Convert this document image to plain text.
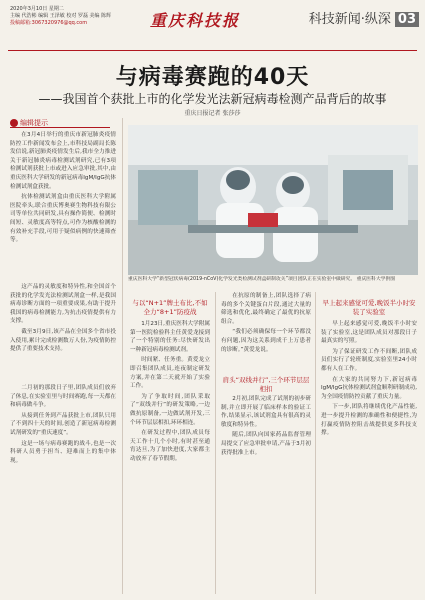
2020年3月10日 星期二
主编 代浩彬 编辑 王泽敏 校对 罗磊 美编 陈辉
投稿邮箱:3067320976@qq.com	重庆科技报	科技新闻·纵深 03
与病毒赛跑的40天
——我国首个获批上市的化学发光法新冠病毒检测产品背后的故事
重庆日报记者 张莎莎
编辑提示

在3月4日举行的重庆市新冠肺炎疫情防控工作新闻发布会上,市科技局副局长陈发信说,新冠肺炎疫情发生后,我市全力推进关于新冠肺炎病毒检测试剂研究,已有3项检测试剂获批上市或进入应急审批,其中,由重庆医科大学研发的新冠病毒IgM/IgG抗体检测试剂盒获批。

抗体检测试剂盒由重庆医科大学附属医院牵头,联合重庆博奥赛生物科技有限公司等单位共同研发,具有操作简便、检测时间短、灵敏度高等特点,可作为核酸检测的有效补充手段,可用于疑似病例的快速筛查等。

这产品的灵敏度和特异性,和全国首个获批的化学发光法检测试剂盒一样,是我国病毒诊断方面的一项重要成果,有助于提升我国的病毒检测能力,为抗击疫情提供有力支撑。

截至3月9日,该产品在全国多个省市投入使用,累计完成检测数万人份,为疫情防控提供了重要技术支持。

二月初的那段日子里,团队成员们放弃了休息,在实验室里与时间赛跑,每一天都在和病毒做斗争。

从接到任务到产品获批上市,团队只用了不到四十天的时间,创造了新冠病毒检测试剂研发的“重庆速度”。

这是一场与病毒赛跑的战斗,也是一次科研人员勇于担当、迎难而上的集中体现。

重庆医科大学“新型冠状病毒(2019-nCoV)化学发光类检测试剂盒研制攻关”项目团队正在实验室中做研究。 重庆医科大学供图
与以“N+1”牌土布比,不如全力“8+1”防疫战

1月23日,重庆医科大学附属第一医院检验科主任黄爱龙接到了一个特别的任务:尽快研发出一种新冠病毒检测试剂。

时间紧、任务重。黄爱龙立即召集团队成员,连夜制定研发方案,并在第二天就开始了实验工作。

为了争取时间,团队采取了“双线并行”的研发策略,一边做抗原制备,一边做试剂开发,三个环节层层相扣,环环相连。

在研发过程中,团队成员每天工作十几个小时,有时甚至通宵达旦,为了加快进度,大家都主动放弃了春节假期。

在抗原的制备上,团队选择了病毒的多个关键蛋白片段,通过大量的筛选和优化,最终确定了最优的抗原组合。

“我们必须确保每一个环节都没有问题,因为这关系到成千上万患者的诊断。”黄爱龙说。

肩头“双线并行”,三个环节层层相扣

2月初,团队完成了试剂的初步研制,并立即开展了临床样本的验证工作,结果显示,该试剂盒具有很高的灵敏度和特异性。

随后,团队向国家药品监督管理局提交了应急审批申请,产品于3月初获得批准上市。

早上起来感觉可爱,晚饭半小时安装了实验室

早上起来感觉可爱,晚饭半小时安装了实验室,这是团队成员对那段日子最真实的写照。

为了保证研发工作不间断,团队成员们实行了轮班制度,实验室里24小时都有人在工作。

在大家的共同努力下,新冠病毒IgM/IgG抗体检测试剂盒顺利研制成功,为全国疫情防控贡献了重庆力量。

下一步,团队将继续优化产品性能,进一步提升检测的准确性和便捷性,为打赢疫情防控阻击战提供更多科技支撑。
